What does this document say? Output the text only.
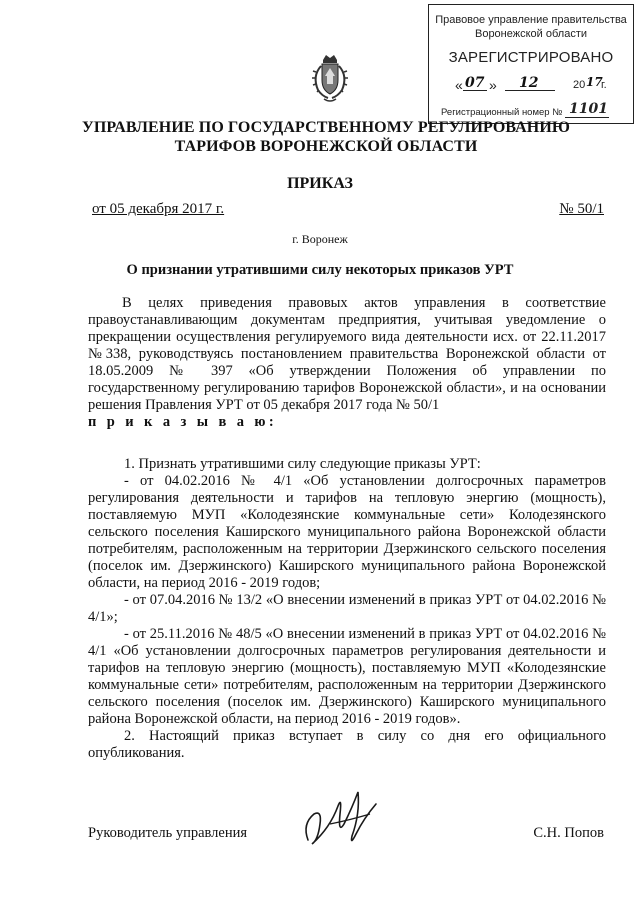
Правовое управление правительства
Воронежской области
ЗАРЕГИСТРИРОВАНО
« 07 » 12	20 17
г.
Регистрационный номер № 1101
УПРАВЛЕНИЕ ПО ГОСУДАРСТВЕННОМУ РЕГУЛИРОВАНИЮ
ТАРИФОВ ВОРОНЕЖСКОЙ ОБЛАСТИ
ПРИКАЗ
от 05 декабря 2017 г.	№ 50/1
г. Воронеж
О признании утратившими силу некоторых приказов УРТ
В целях приведения правовых актов управления в соответствие правоустанавливающим документам предприятия, учитывая уведомление о прекращении осуществления регулируемого вида деятельности исх. от 22.11.2017 №338, руководствуясь постановлением правительства Воронежской области от 18.05.2009 № 397 «Об утверждении Положения об управлении по государственному регулированию тарифов Воронежской области», и на основании решения Правления УРТ от 05 декабря 2017 года № 50/1
п р и к а з ы в а ю:

1. Признать утратившими силу следующие приказы УРТ:

- от 04.02.2016 № 4/1 «Об установлении долгосрочных параметров регулирования деятельности и тарифов на тепловую энергию (мощность), поставляемую МУП «Колодезянские коммунальные сети» Колодезянского сельского поселения Каширского муниципального района Воронежской области потребителям, расположенным на территории Дзержинского сельского поселения (поселок им. Дзержинского) Каширского муниципального района Воронежской области, на период 2016 - 2019 годов;

- от 07.04.2016 № 13/2 «О внесении изменений в приказ УРТ от 04.02.2016 № 4/1»;

- от 25.11.2016 № 48/5 «О внесении изменений в приказ УРТ от 04.02.2016 № 4/1 «Об установлении долгосрочных параметров регулирования деятельности и тарифов на тепловую энергию (мощность), поставляемую МУП «Колодезянские коммунальные сети» потребителям, расположенным на территории Дзержинского сельского поселения (поселок им. Дзержинского) Каширского муниципального района Воронежской области, на период 2016 - 2019 годов».

2. Настоящий приказ вступает в силу со дня его официального опубликования.

Руководитель управления	С.Н. Попов
